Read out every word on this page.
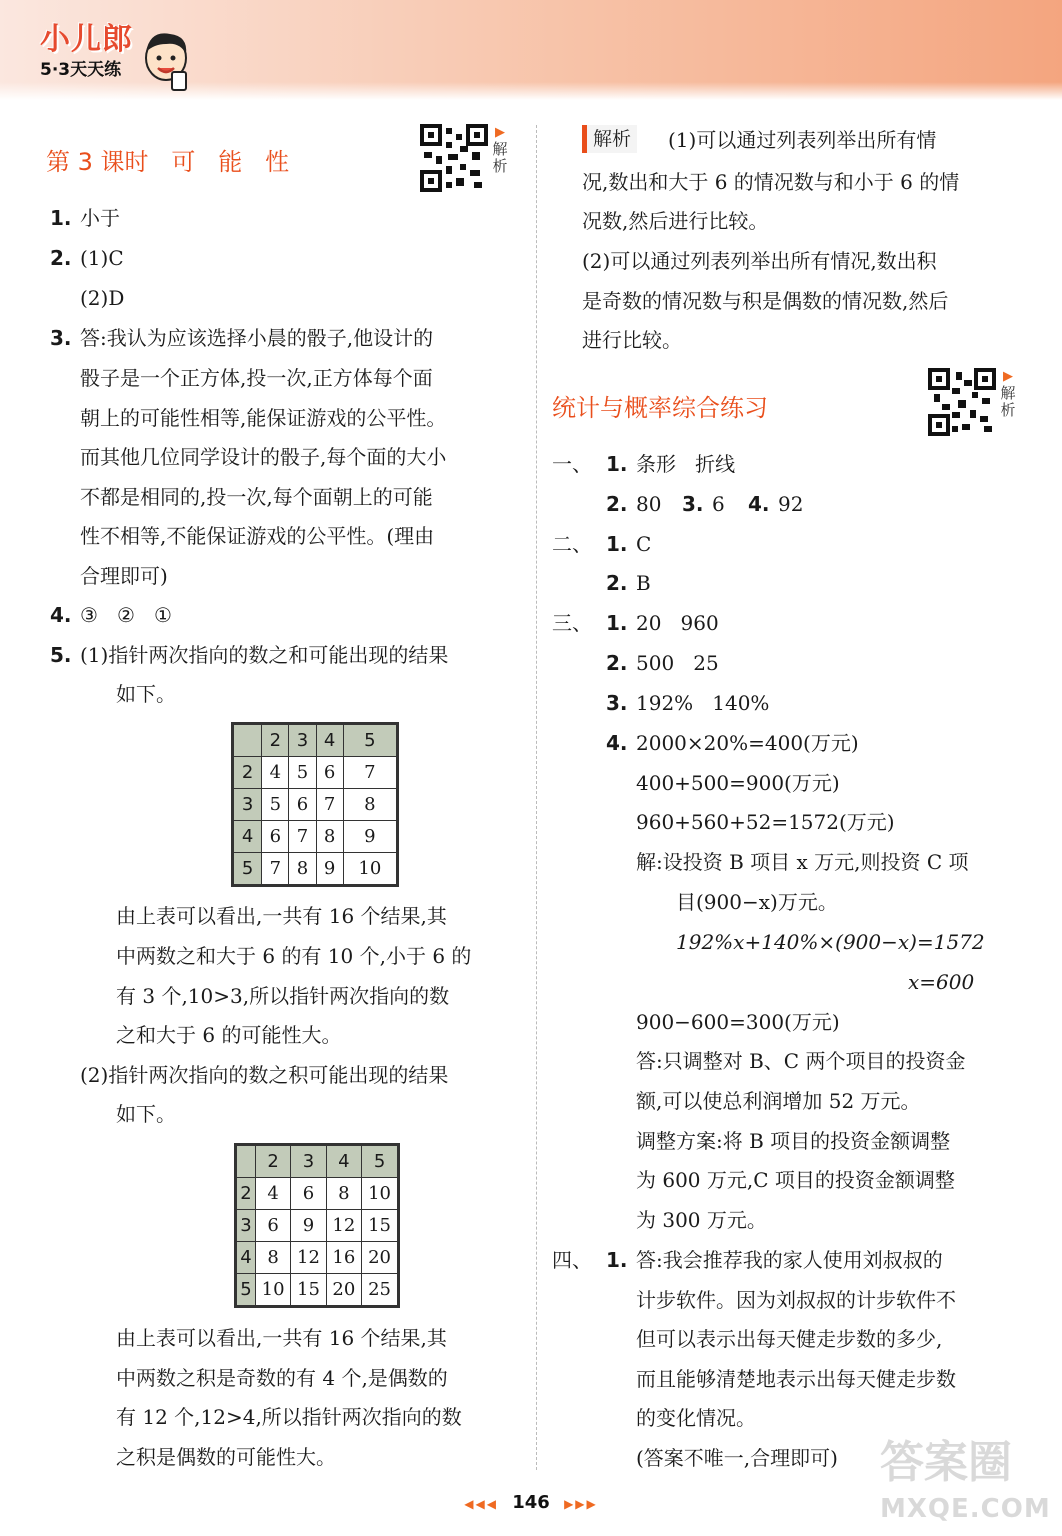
小儿郎
5·3天天练
第 3 课时   可   能   性
▶
解析
1. 小于
2. (1)C
(2)D
3. 答:我认为应该选择小晨的骰子,他设计的
骰子是一个正方体,投一次,正方体每个面
朝上的可能性相等,能保证游戏的公平性。
而其他几位同学设计的骰子,每个面的大小
不都是相同的,投一次,每个面朝上的可能
性不相等,不能保证游戏的公平性。(理由
合理即可)
4. ③   ②   ①
5. (1)指针两次指向的数之和可能出现的结果
如下。
	2	3	4	5
2	4	5	6	7
3	5	6	7	8
4	6	7	8	9
5	7	8	9	10
由上表可以看出,一共有 16 个结果,其
中两数之和大于 6 的有 10 个,小于 6 的
有 3 个,10>3,所以指针两次指向的数
之和大于 6 的可能性大。
(2)指针两次指向的数之积可能出现的结果
如下。
	2	3	4	5
2	4	6	8	10
3	6	9	12	15
4	8	12	16	20
5	10	15	20	25
由上表可以看出,一共有 16 个结果,其
中两数之积是奇数的有 4 个,是偶数的
有 12 个,12>4,所以指针两次指向的数
之积是偶数的可能性大。
解析	(1)可以通过列表列举出所有情
况,数出和大于 6 的情况数与和小于 6 的情
况数,然后进行比较。
(2)可以通过列表列举出所有情况,数出积
是奇数的情况数与积是偶数的情况数,然后
进行比较。
统计与概率综合练习
▶
解析
一、 1. 条形   折线
2. 80 3. 6 4. 92
二、 1. C
2. B
三、 1. 20   960
2. 500   25
3. 192%   140%
4. 2000×20%=400(万元)
400+500=900(万元)
960+560+52=1572(万元)
解:设投资 B 项目 x 万元,则投资 C 项
目(900−x)万元。
192%x+140%×(900−x)=1572
x=600
900−600=300(万元)
答:只调整对 B、C 两个项目的投资金
额,可以使总利润增加 52 万元。
调整方案:将 B 项目的投资金额调整
为 600 万元,C 项目的投资金额调整
为 300 万元。
四、 1. 答:我会推荐我的家人使用刘叔叔的
计步软件。因为刘叔叔的计步软件不
但可以表示出每天健走步数的多少,
而且能够清楚地表示出每天健走步数
的变化情况。
(答案不唯一,合理即可)
◀◀◀ 146 ▶▶▶
答案圈
MXQE.COM
